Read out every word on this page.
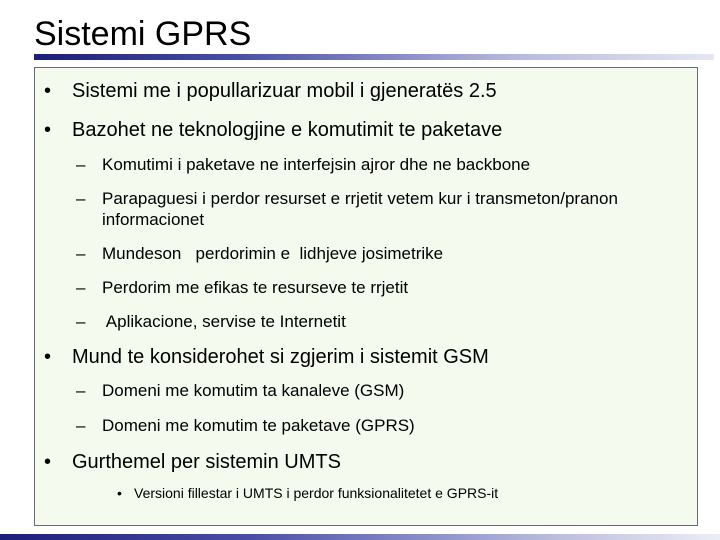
Sistemi GPRS
• Sistemi me i popullarizuar mobil i gjeneratës 2.5
• Bazohet ne teknologjine e komutimit te paketave
– Komutimi i paketave ne interfejsin ajror dhe ne backbone
– Parapaguesi i perdor resurset e rrjetit vetem kur i transmeton/pranon informacionet
– Mundeson   perdorimin e  lidhjeve josimetrike
– Perdorim me efikas te resurseve te rrjetit
– Aplikacione, servise te Internetit
• Mund te konsiderohet si zgjerim i sistemit GSM
– Domeni me komutim ta kanaleve (GSM)
– Domeni me komutim te paketave (GPRS)
• Gurthemel per sistemin UMTS
• Versioni fillestar i UMTS i perdor funksionalitetet e GPRS-it
